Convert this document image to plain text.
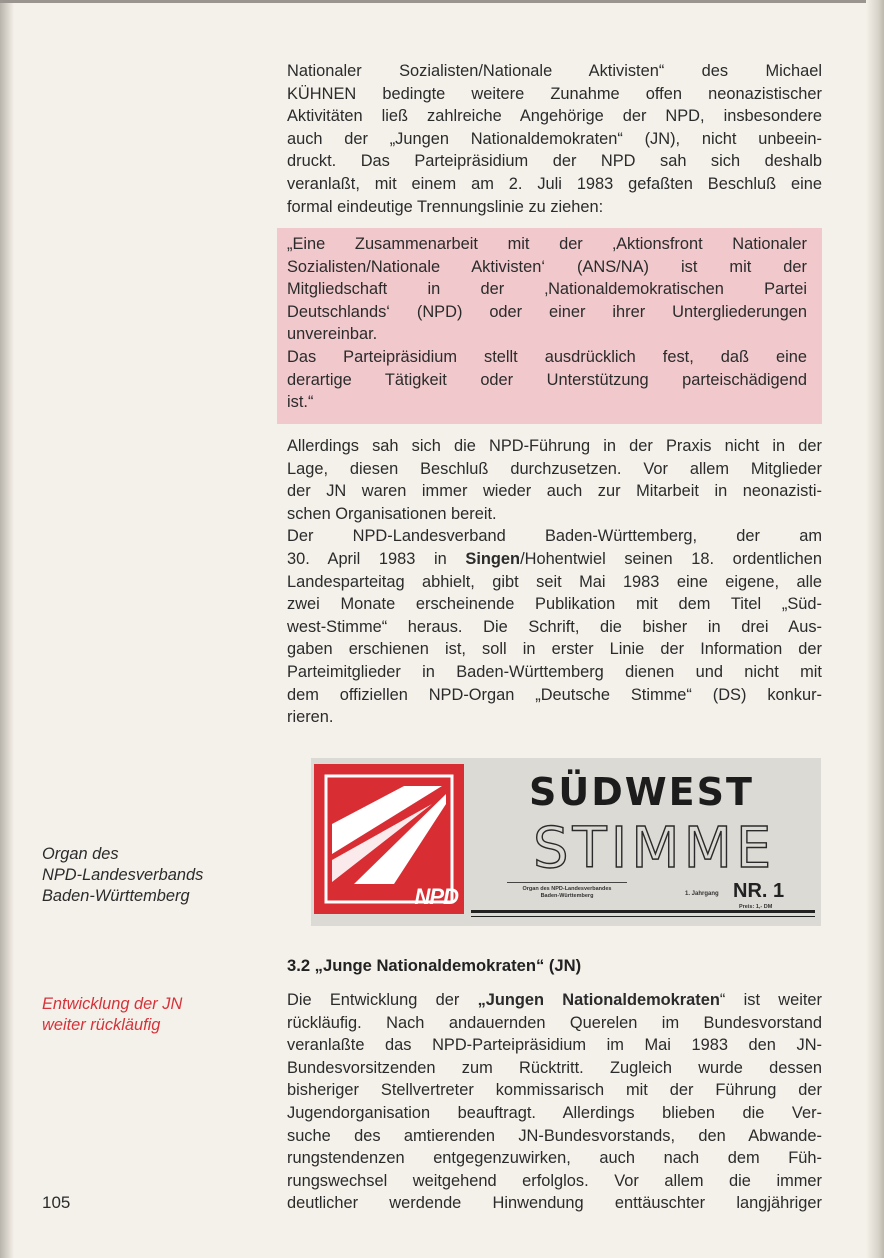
Nationaler Sozialisten/Nationale Aktivisten“ des Michael
KÜHNEN bedingte weitere Zunahme offen neonazistischer
Aktivitäten ließ zahlreiche Angehörige der NPD, insbesondere
auch der „Jungen Nationaldemokraten“ (JN), nicht unbeein-
druckt. Das Parteipräsidium der NPD sah sich deshalb
veranlaßt, mit einem am 2. Juli 1983 gefaßten Beschluß eine
formal eindeutige Trennungslinie zu ziehen:

„Eine Zusammenarbeit mit der ‚Aktionsfront Nationaler
Sozialisten/Nationale Aktivisten‘ (ANS/NA) ist mit der
Mitgliedschaft in der ‚Nationaldemokratischen Partei
Deutschlands‘ (NPD) oder einer ihrer Untergliederungen
unvereinbar.
Das Parteipräsidium stellt ausdrücklich fest, daß eine
derartige Tätigkeit oder Unterstützung parteischädigend
ist.“

Allerdings sah sich die NPD-Führung in der Praxis nicht in der
Lage, diesen Beschluß durchzusetzen. Vor allem Mitglieder
der JN waren immer wieder auch zur Mitarbeit in neonazisti-
schen Organisationen bereit.
Der NPD-Landesverband Baden-Württemberg, der am
30. April 1983 in Singen/Hohentwiel seinen 18. ordentlichen
Landesparteitag abhielt, gibt seit Mai 1983 eine eigene, alle
zwei Monate erscheinende Publikation mit dem Titel „Süd-
west-Stimme“ heraus. Die Schrift, die bisher in drei Aus-
gaben erschienen ist, soll in erster Linie der Information der
Parteimitglieder in Baden-Württemberg dienen und nicht mit
dem offiziellen NPD-Organ „Deutsche Stimme“ (DS) konkur-
rieren.

NPD
SÜDWEST
STIMME
Organ des NPD-Landesverbandes
Baden-Württemberg	1. Jahrgang NR. 1
Preis: 1,- DM
Organ des
NPD-Landesverbands
Baden-Württemberg
Entwicklung der JN
weiter rückläufig
3.2 „Junge Nationaldemokraten“ (JN)

Die Entwicklung der „Jungen Nationaldemokraten“ ist weiter
rückläufig. Nach andauernden Querelen im Bundesvorstand
veranlaßte das NPD-Parteipräsidium im Mai 1983 den JN-
Bundesvorsitzenden zum Rücktritt. Zugleich wurde dessen
bisheriger Stellvertreter kommissarisch mit der Führung der
Jugendorganisation beauftragt. Allerdings blieben die Ver-
suche des amtierenden JN-Bundesvorstands, den Abwande-
rungstendenzen entgegenzuwirken, auch nach dem Füh-
rungswechsel weitgehend erfolglos. Vor allem die immer
deutlicher werdende Hinwendung enttäuschter langjähriger

105
